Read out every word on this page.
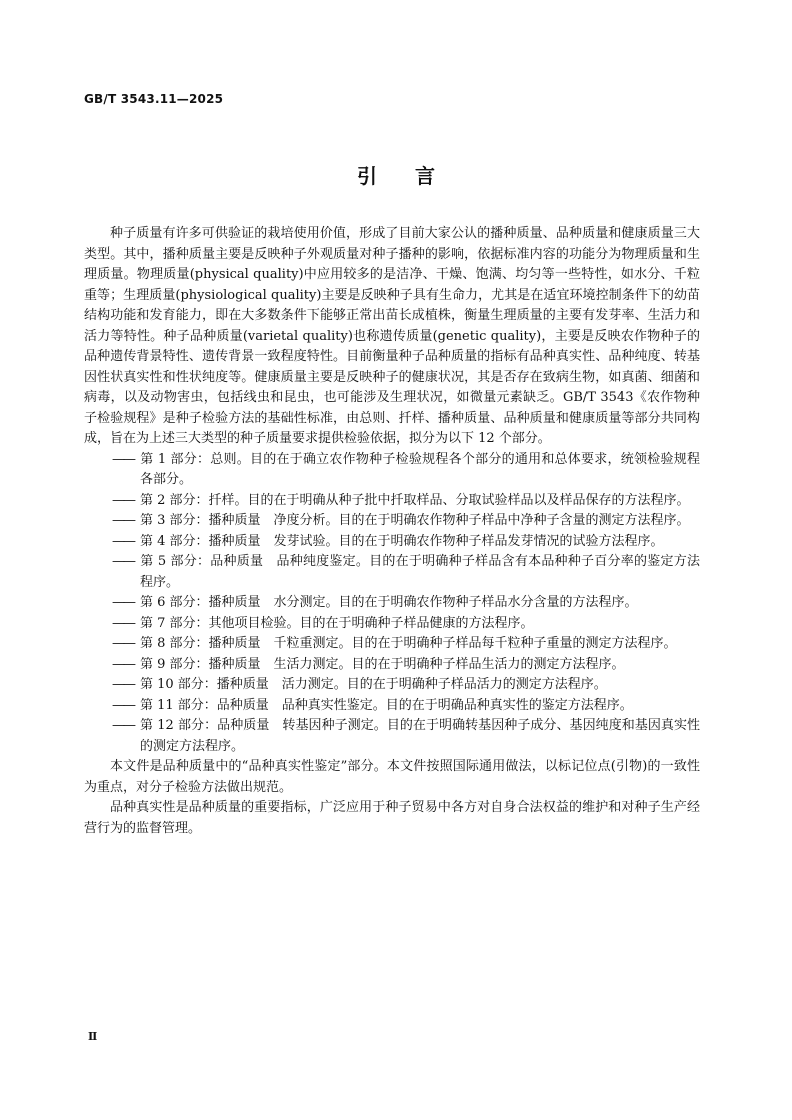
GB/T 3543.11—2025
引言

种子质量有许多可供验证的栽培使用价值，形成了目前大家公认的播种质量、品种质量和健康质量三大类型。其中，播种质量主要是反映种子外观质量对种子播种的影响，依据标准内容的功能分为物理质量和生理质量。物理质量(physical quality)中应用较多的是洁净、干燥、饱满、均匀等一些特性，如水分、千粒重等；生理质量(physiological quality)主要是反映种子具有生命力，尤其是在适宜环境控制条件下的幼苗结构功能和发育能力，即在大多数条件下能够正常出苗长成植株，衡量生理质量的主要有发芽率、生活力和活力等特性。种子品种质量(varietal quality)也称遗传质量(genetic quality)，主要是反映农作物种子的品种遗传背景特性、遗传背景一致程度特性。目前衡量种子品种质量的指标有品种真实性、品种纯度、转基因性状真实性和性状纯度等。健康质量主要是反映种子的健康状况，其是否存在致病生物，如真菌、细菌和病毒，以及动物害虫，包括线虫和昆虫，也可能涉及生理状况，如微量元素缺乏。GB/T 3543《农作物种子检验规程》是种子检验方法的基础性标准，由总则、扦样、播种质量、品种质量和健康质量等部分共同构成，旨在为上述三大类型的种子质量要求提供检验依据，拟分为以下 12 个部分。

—— 第 1 部分：总则。目的在于确立农作物种子检验规程各个部分的通用和总体要求，统领检验规程各部分。
—— 第 2 部分：扦样。目的在于明确从种子批中扦取样品、分取试验样品以及样品保存的方法程序。
—— 第 3 部分：播种质量　净度分析。目的在于明确农作物种子样品中净种子含量的测定方法程序。
—— 第 4 部分：播种质量　发芽试验。目的在于明确农作物种子样品发芽情况的试验方法程序。
—— 第 5 部分：品种质量　品种纯度鉴定。目的在于明确种子样品含有本品种种子百分率的鉴定方法程序。
—— 第 6 部分：播种质量　水分测定。目的在于明确农作物种子样品水分含量的方法程序。
—— 第 7 部分：其他项目检验。目的在于明确种子样品健康的方法程序。
—— 第 8 部分：播种质量　千粒重测定。目的在于明确种子样品每千粒种子重量的测定方法程序。
—— 第 9 部分：播种质量　生活力测定。目的在于明确种子样品生活力的测定方法程序。
—— 第 10 部分：播种质量　活力测定。目的在于明确种子样品活力的测定方法程序。
—— 第 11 部分：品种质量　品种真实性鉴定。目的在于明确品种真实性的鉴定方法程序。
—— 第 12 部分：品种质量　转基因种子测定。目的在于明确转基因种子成分、基因纯度和基因真实性的测定方法程序。

本文件是品种质量中的“品种真实性鉴定”部分。本文件按照国际通用做法，以标记位点(引物)的一致性为重点，对分子检验方法做出规范。

品种真实性是品种质量的重要指标，广泛应用于种子贸易中各方对自身合法权益的维护和对种子生产经营行为的监督管理。

Ⅱ
